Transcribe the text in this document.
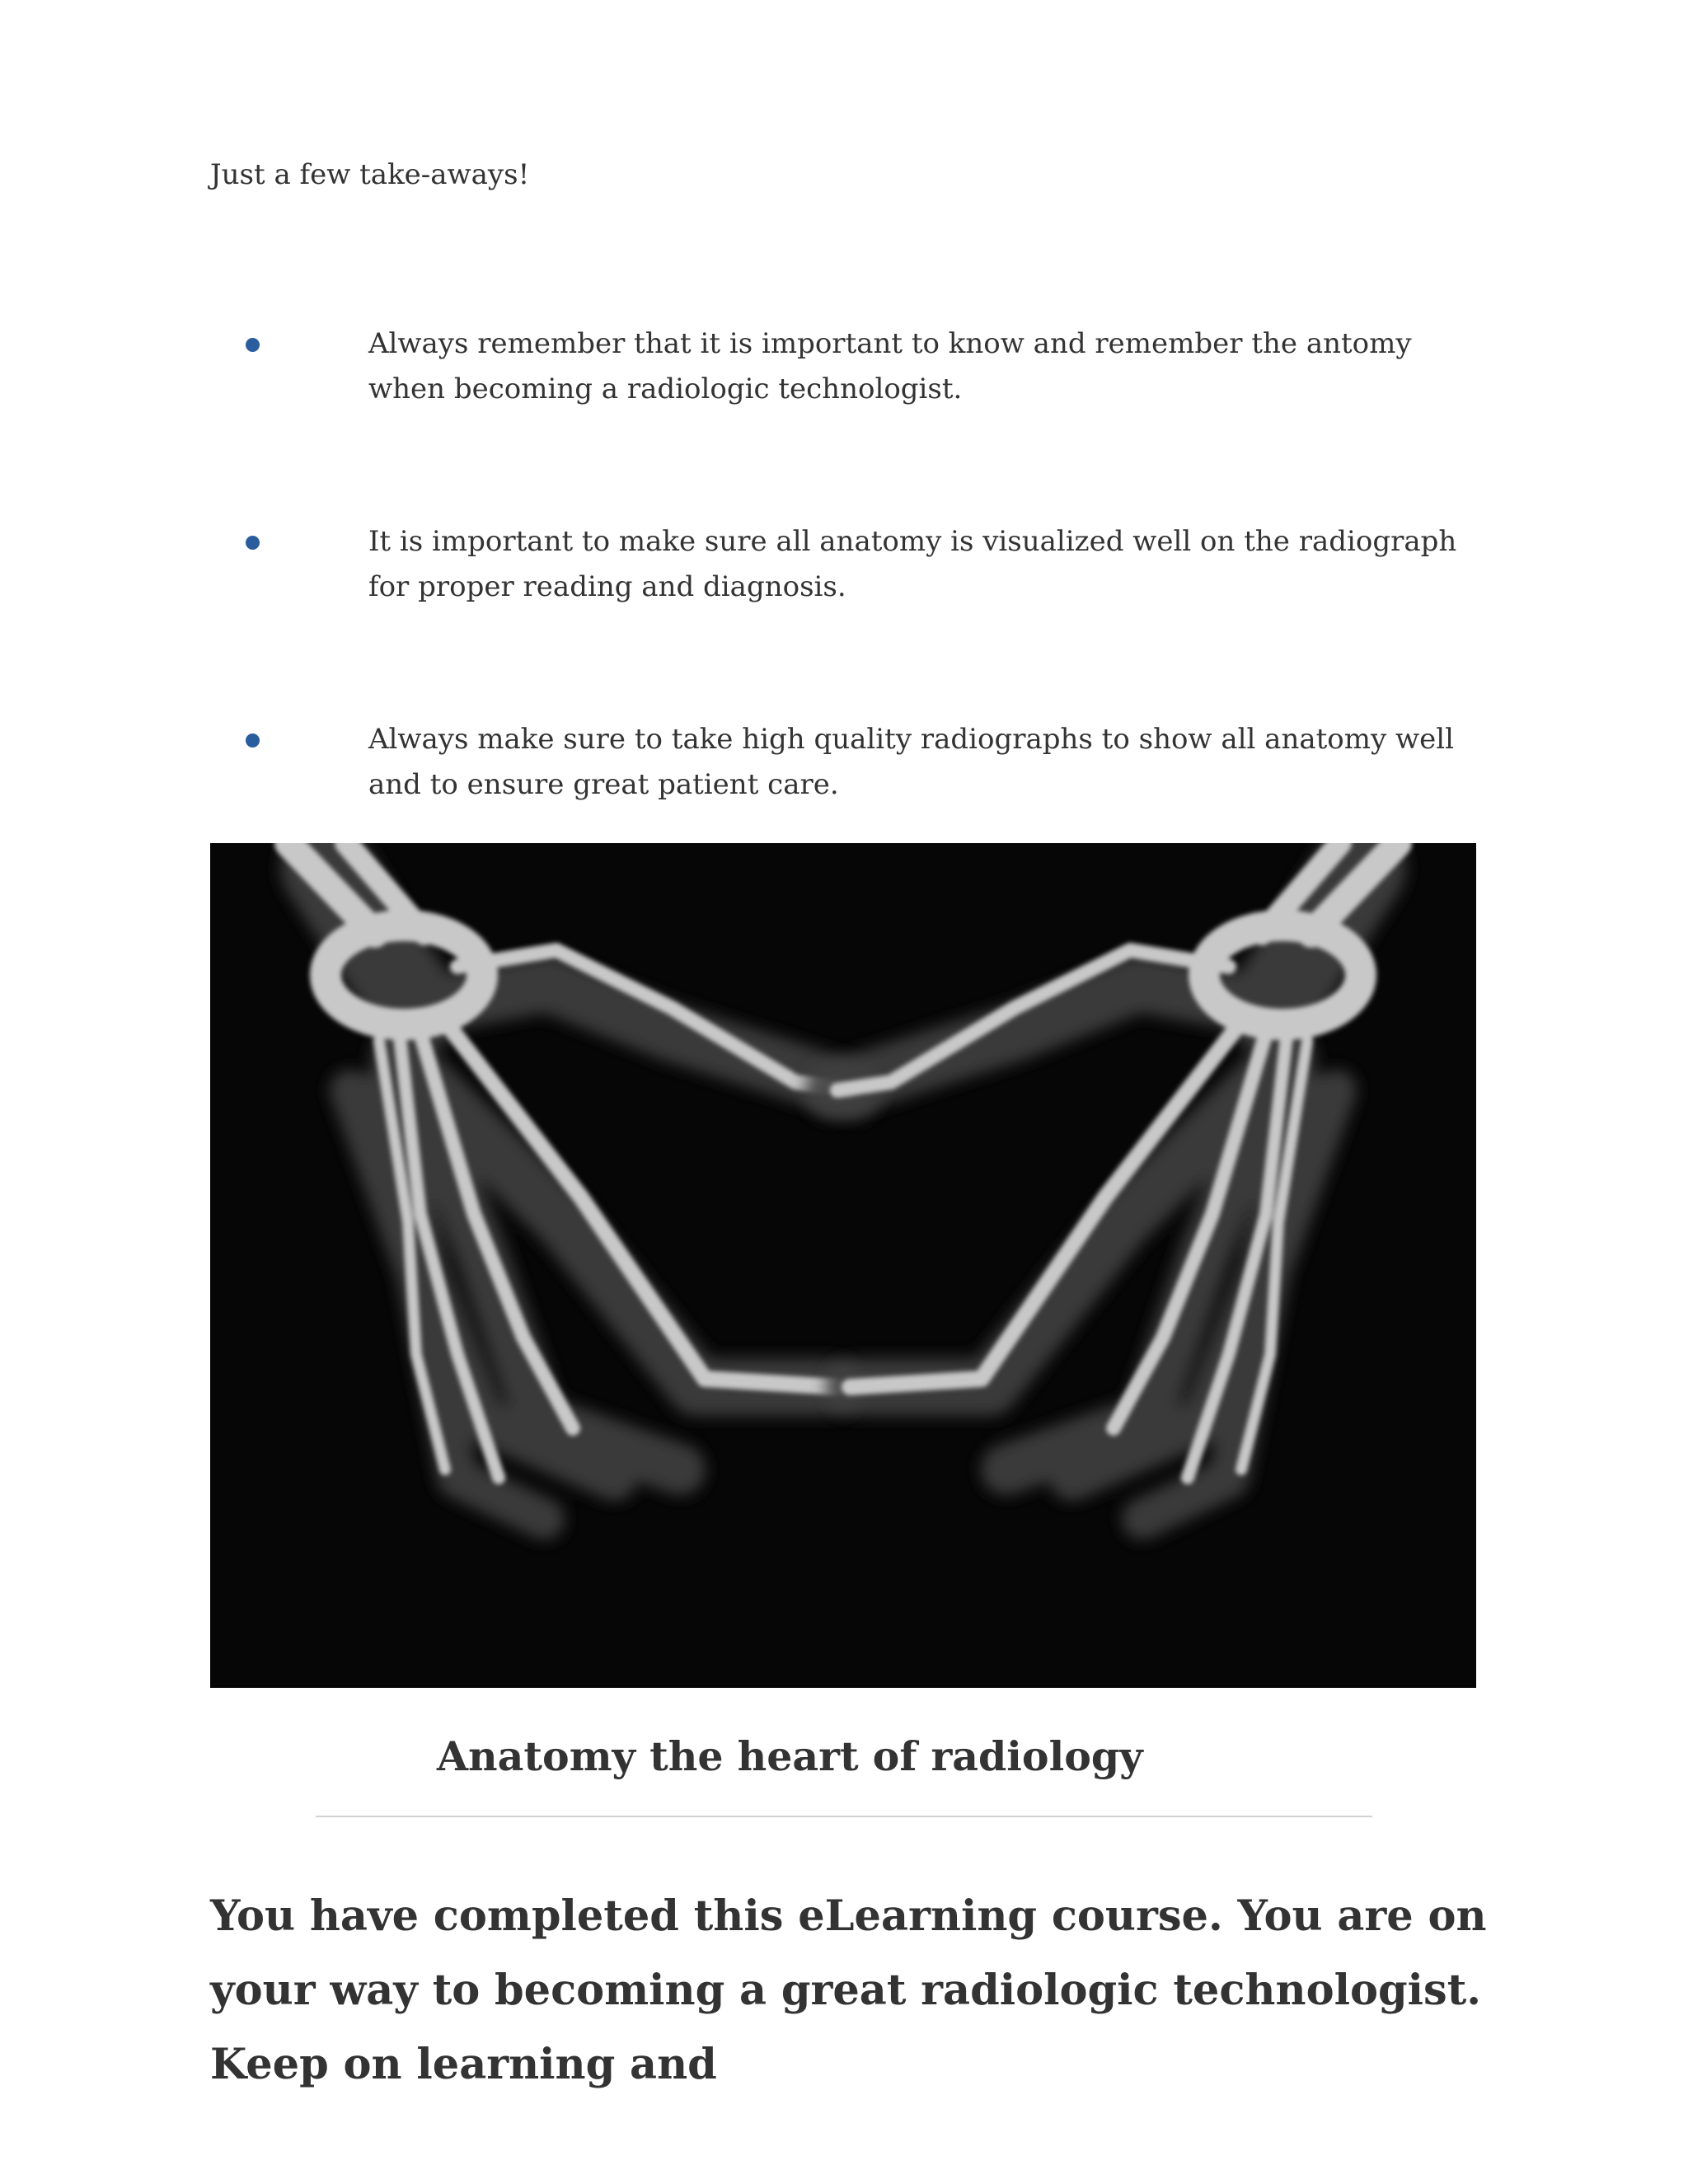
Just a few take-aways!

Always remember that it is important to know and remember the antomy when becoming a radiologic technologist.
It is important to make sure all anatomy is visualized well on the radiograph for proper reading and diagnosis.
Always make sure to take high quality radiographs to show all anatomy well and to ensure great patient care.

Anatomy the heart of radiology

You have completed this eLearning course. You are on your way to becoming a great radiologic technologist. Keep on learning and
